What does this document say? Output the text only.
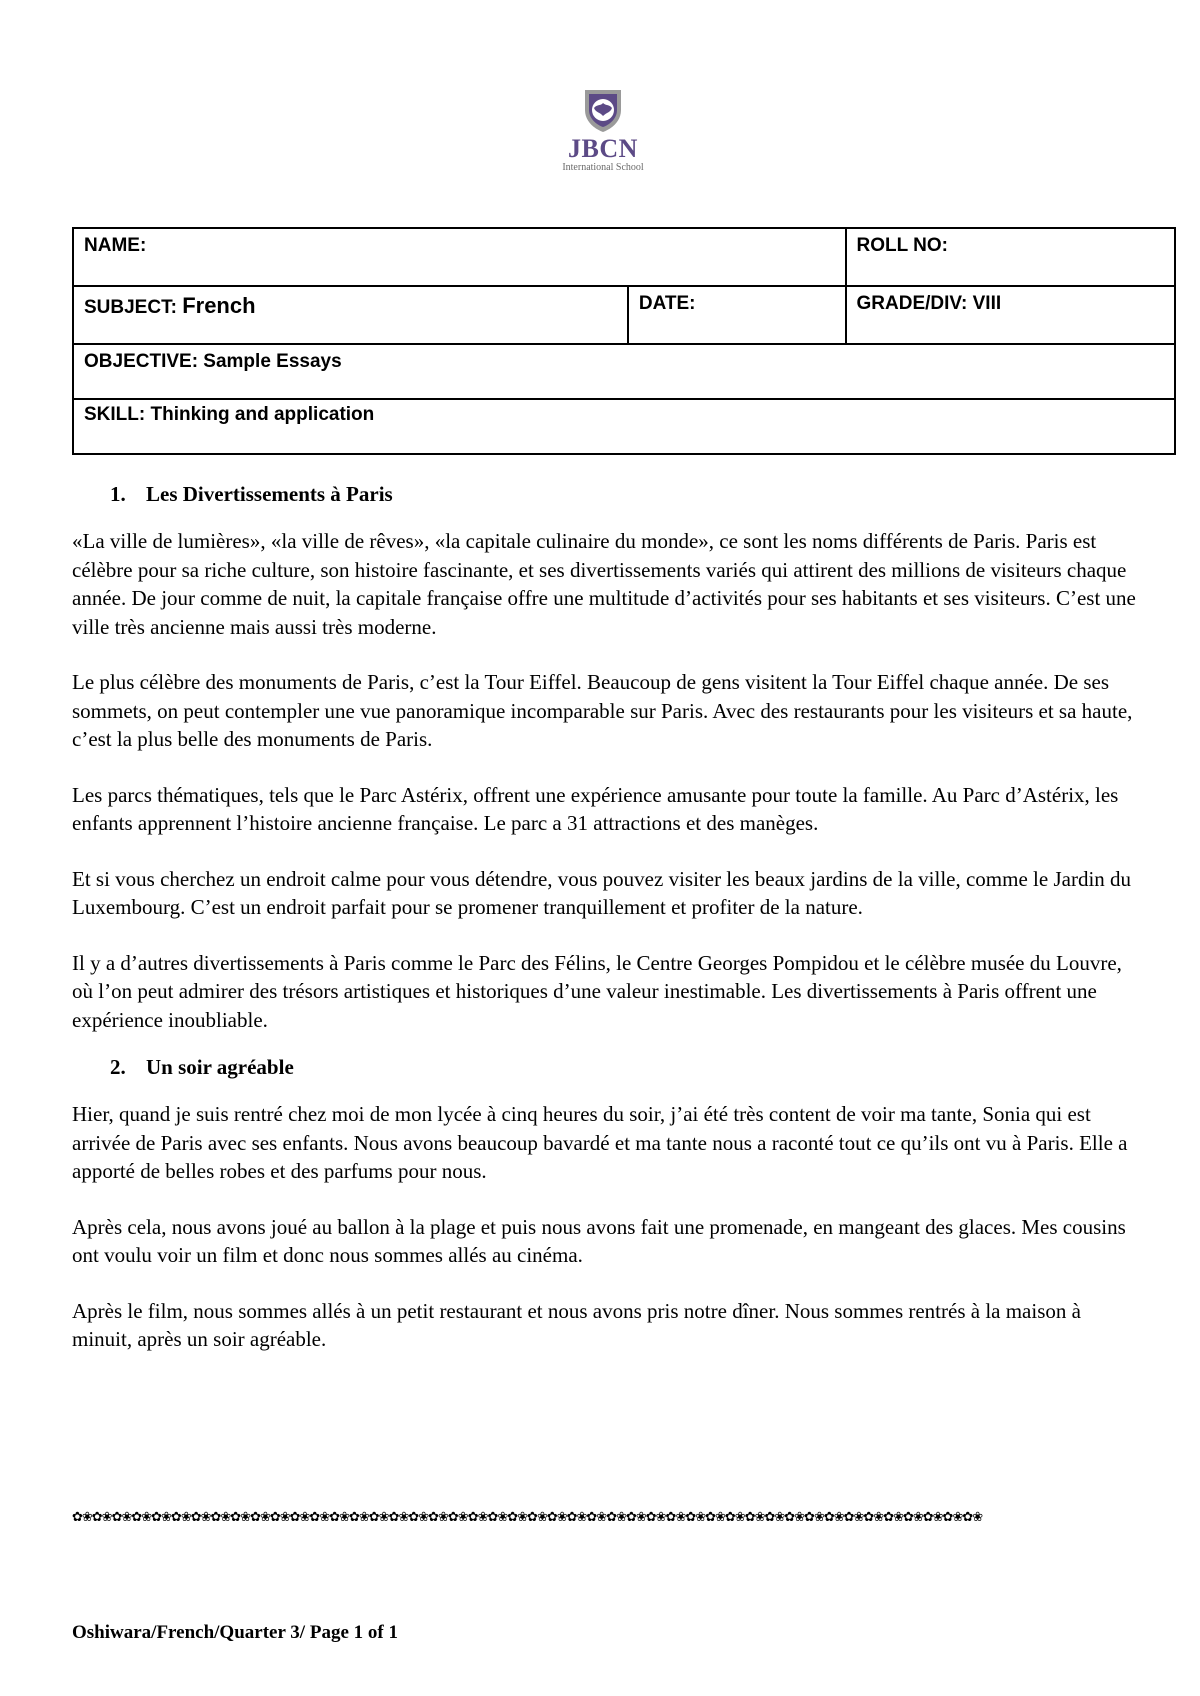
JBCN
International School
NAME:		ROLL NO:
SUBJECT: French	DATE:	GRADE/DIV: VIII
OBJECTIVE: Sample Essays		
SKILL: Thinking and application		
1. Les Divertissements à Paris

«La ville de lumières», «la ville de rêves», «la capitale culinaire du monde», ce sont les noms différents de Paris. Paris est célèbre pour sa riche culture, son histoire fascinante, et ses divertissements variés qui attirent des millions de visiteurs chaque année. De jour comme de nuit, la capitale française offre une multitude d’activités pour ses habitants et ses visiteurs. C’est une ville très ancienne mais aussi très moderne.

Le plus célèbre des monuments de Paris, c’est la Tour Eiffel. Beaucoup de gens visitent la Tour Eiffel chaque année. De ses sommets, on peut contempler une vue panoramique incomparable sur Paris. Avec des restaurants pour les visiteurs et sa haute, c’est la plus belle des monuments de Paris.

Les parcs thématiques, tels que le Parc Astérix, offrent une expérience amusante pour toute la famille. Au Parc d’Astérix, les enfants apprennent l’histoire ancienne française. Le parc a 31 attractions et des manèges.

Et si vous cherchez un endroit calme pour vous détendre, vous pouvez visiter les beaux jardins de la ville, comme le Jardin du Luxembourg. C’est un endroit parfait pour se promener tranquillement et profiter de la nature.

Il y a d’autres divertissements à Paris comme le Parc des Félins, le Centre Georges Pompidou et le célèbre musée du Louvre, où l’on peut admirer des trésors artistiques et historiques d’une valeur inestimable. Les divertissements à Paris offrent une expérience inoubliable.

2. Un soir agréable

Hier, quand je suis rentré chez moi de mon lycée à cinq heures du soir, j’ai été très content de voir ma tante, Sonia qui est arrivée de Paris avec ses enfants. Nous avons beaucoup bavardé et ma tante nous a raconté tout ce qu’ils ont vu à Paris. Elle a apporté de belles robes et des parfums pour nous.

Après cela, nous avons joué au ballon à la plage et puis nous avons fait une promenade, en mangeant des glaces. Mes cousins ont voulu voir un film et donc nous sommes allés au cinéma.

Après le film, nous sommes allés à un petit restaurant et nous avons pris notre dîner. Nous sommes rentrés à la maison à minuit, après un soir agréable.

✿❀✿❀✿❀✿❀✿❀✿❀✿❀✿❀✿❀✿❀✿❀✿❀✿❀✿❀✿❀✿❀✿❀✿❀✿❀✿❀✿❀✿❀✿❀✿❀✿❀✿❀✿❀✿❀✿❀✿❀✿❀✿❀✿❀✿❀✿❀✿❀✿❀✿❀✿❀✿❀✿❀✿❀✿❀✿❀✿❀✿❀
Oshiwara/French/Quarter 3/ Page 1 of 1
